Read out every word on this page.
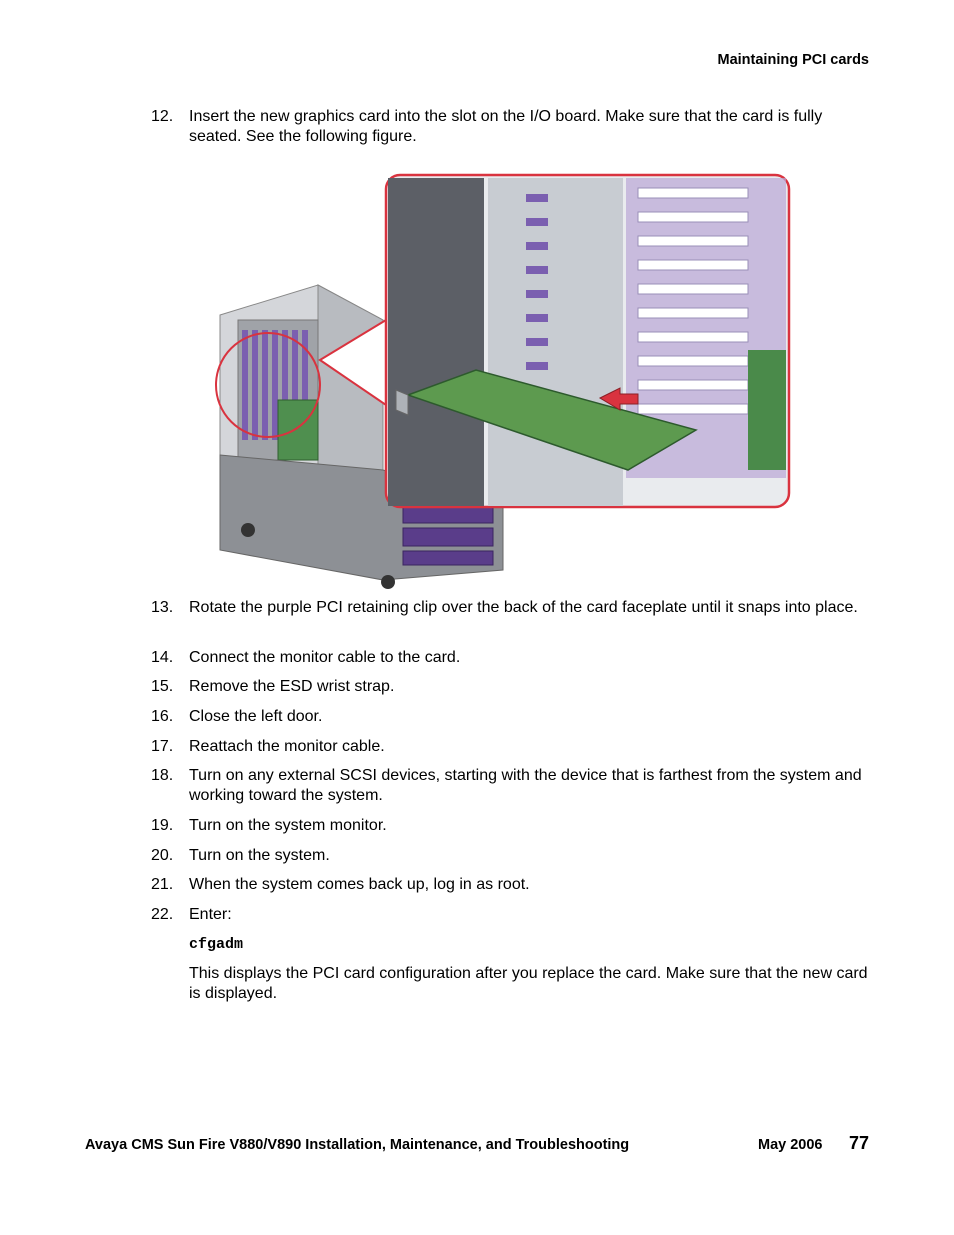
Maintaining PCI cards
12. Insert the new graphics card into the slot on the I/O board. Make sure that the card is fully seated. See the following figure.
13. Rotate the purple PCI retaining clip over the back of the card faceplate until it snaps into place.
14. Connect the monitor cable to the card.
15. Remove the ESD wrist strap.
16. Close the left door.
17. Reattach the monitor cable.
18. Turn on any external SCSI devices, starting with the device that is farthest from the system and working toward the system.
19. Turn on the system monitor.
20. Turn on the system.
21. When the system comes back up, log in as root.
22. Enter:
cfgadm
This displays the PCI card configuration after you replace the card. Make sure that the new card is displayed.
Avaya CMS Sun Fire V880/V890 Installation, Maintenance, and Troubleshooting	May 2006 77
